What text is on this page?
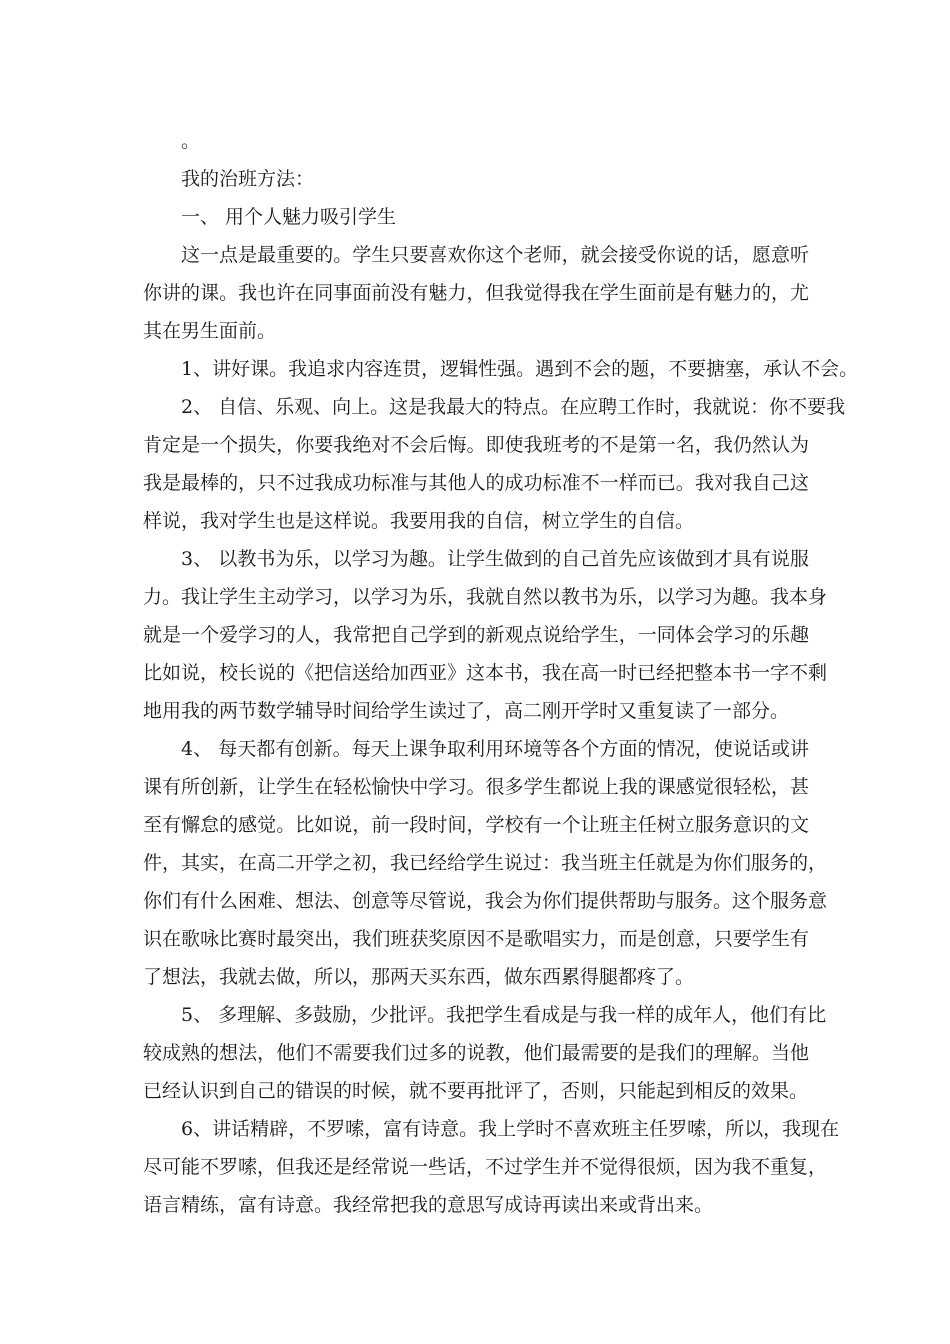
。
我的治班方法：
一、 用个人魅力吸引学生
这一点是最重要的。学生只要喜欢你这个老师，就会接受你说的话，愿意听
你讲的课。我也许在同事面前没有魅力，但我觉得我在学生面前是有魅力的，尤
其在男生面前。
1、讲好课。我追求内容连贯，逻辑性强。遇到不会的题，不要搪塞，承认不会。
2、 自信、乐观、向上。这是我最大的特点。在应聘工作时，我就说：你不要我
肯定是一个损失，你要我绝对不会后悔。即使我班考的不是第一名，我仍然认为
我是最棒的，只不过我成功标准与其他人的成功标准不一样而已。我对我自己这
样说，我对学生也是这样说。我要用我的自信，树立学生的自信。
3、 以教书为乐，以学习为趣。让学生做到的自己首先应该做到才具有说服
力。我让学生主动学习，以学习为乐，我就自然以教书为乐，以学习为趣。我本身
就是一个爱学习的人，我常把自己学到的新观点说给学生，一同体会学习的乐趣
比如说，校长说的《把信送给加西亚》这本书，我在高一时已经把整本书一字不剩
地用我的两节数学辅导时间给学生读过了，高二刚开学时又重复读了一部分。
4、 每天都有创新。每天上课争取利用环境等各个方面的情况，使说话或讲
课有所创新，让学生在轻松愉快中学习。很多学生都说上我的课感觉很轻松，甚
至有懈怠的感觉。比如说，前一段时间，学校有一个让班主任树立服务意识的文
件，其实，在高二开学之初，我已经给学生说过：我当班主任就是为你们服务的，
你们有什么困难、想法、创意等尽管说，我会为你们提供帮助与服务。这个服务意
识在歌咏比赛时最突出，我们班获奖原因不是歌唱实力，而是创意，只要学生有
了想法，我就去做，所以，那两天买东西，做东西累得腿都疼了。
5、 多理解、多鼓励，少批评。我把学生看成是与我一样的成年人，他们有比
较成熟的想法，他们不需要我们过多的说教，他们最需要的是我们的理解。当他
已经认识到自己的错误的时候，就不要再批评了，否则，只能起到相反的效果。
6、讲话精辟，不罗嗦，富有诗意。我上学时不喜欢班主任罗嗦，所以，我现在
尽可能不罗嗦，但我还是经常说一些话，不过学生并不觉得很烦，因为我不重复，
语言精练，富有诗意。我经常把我的意思写成诗再读出来或背出来。
